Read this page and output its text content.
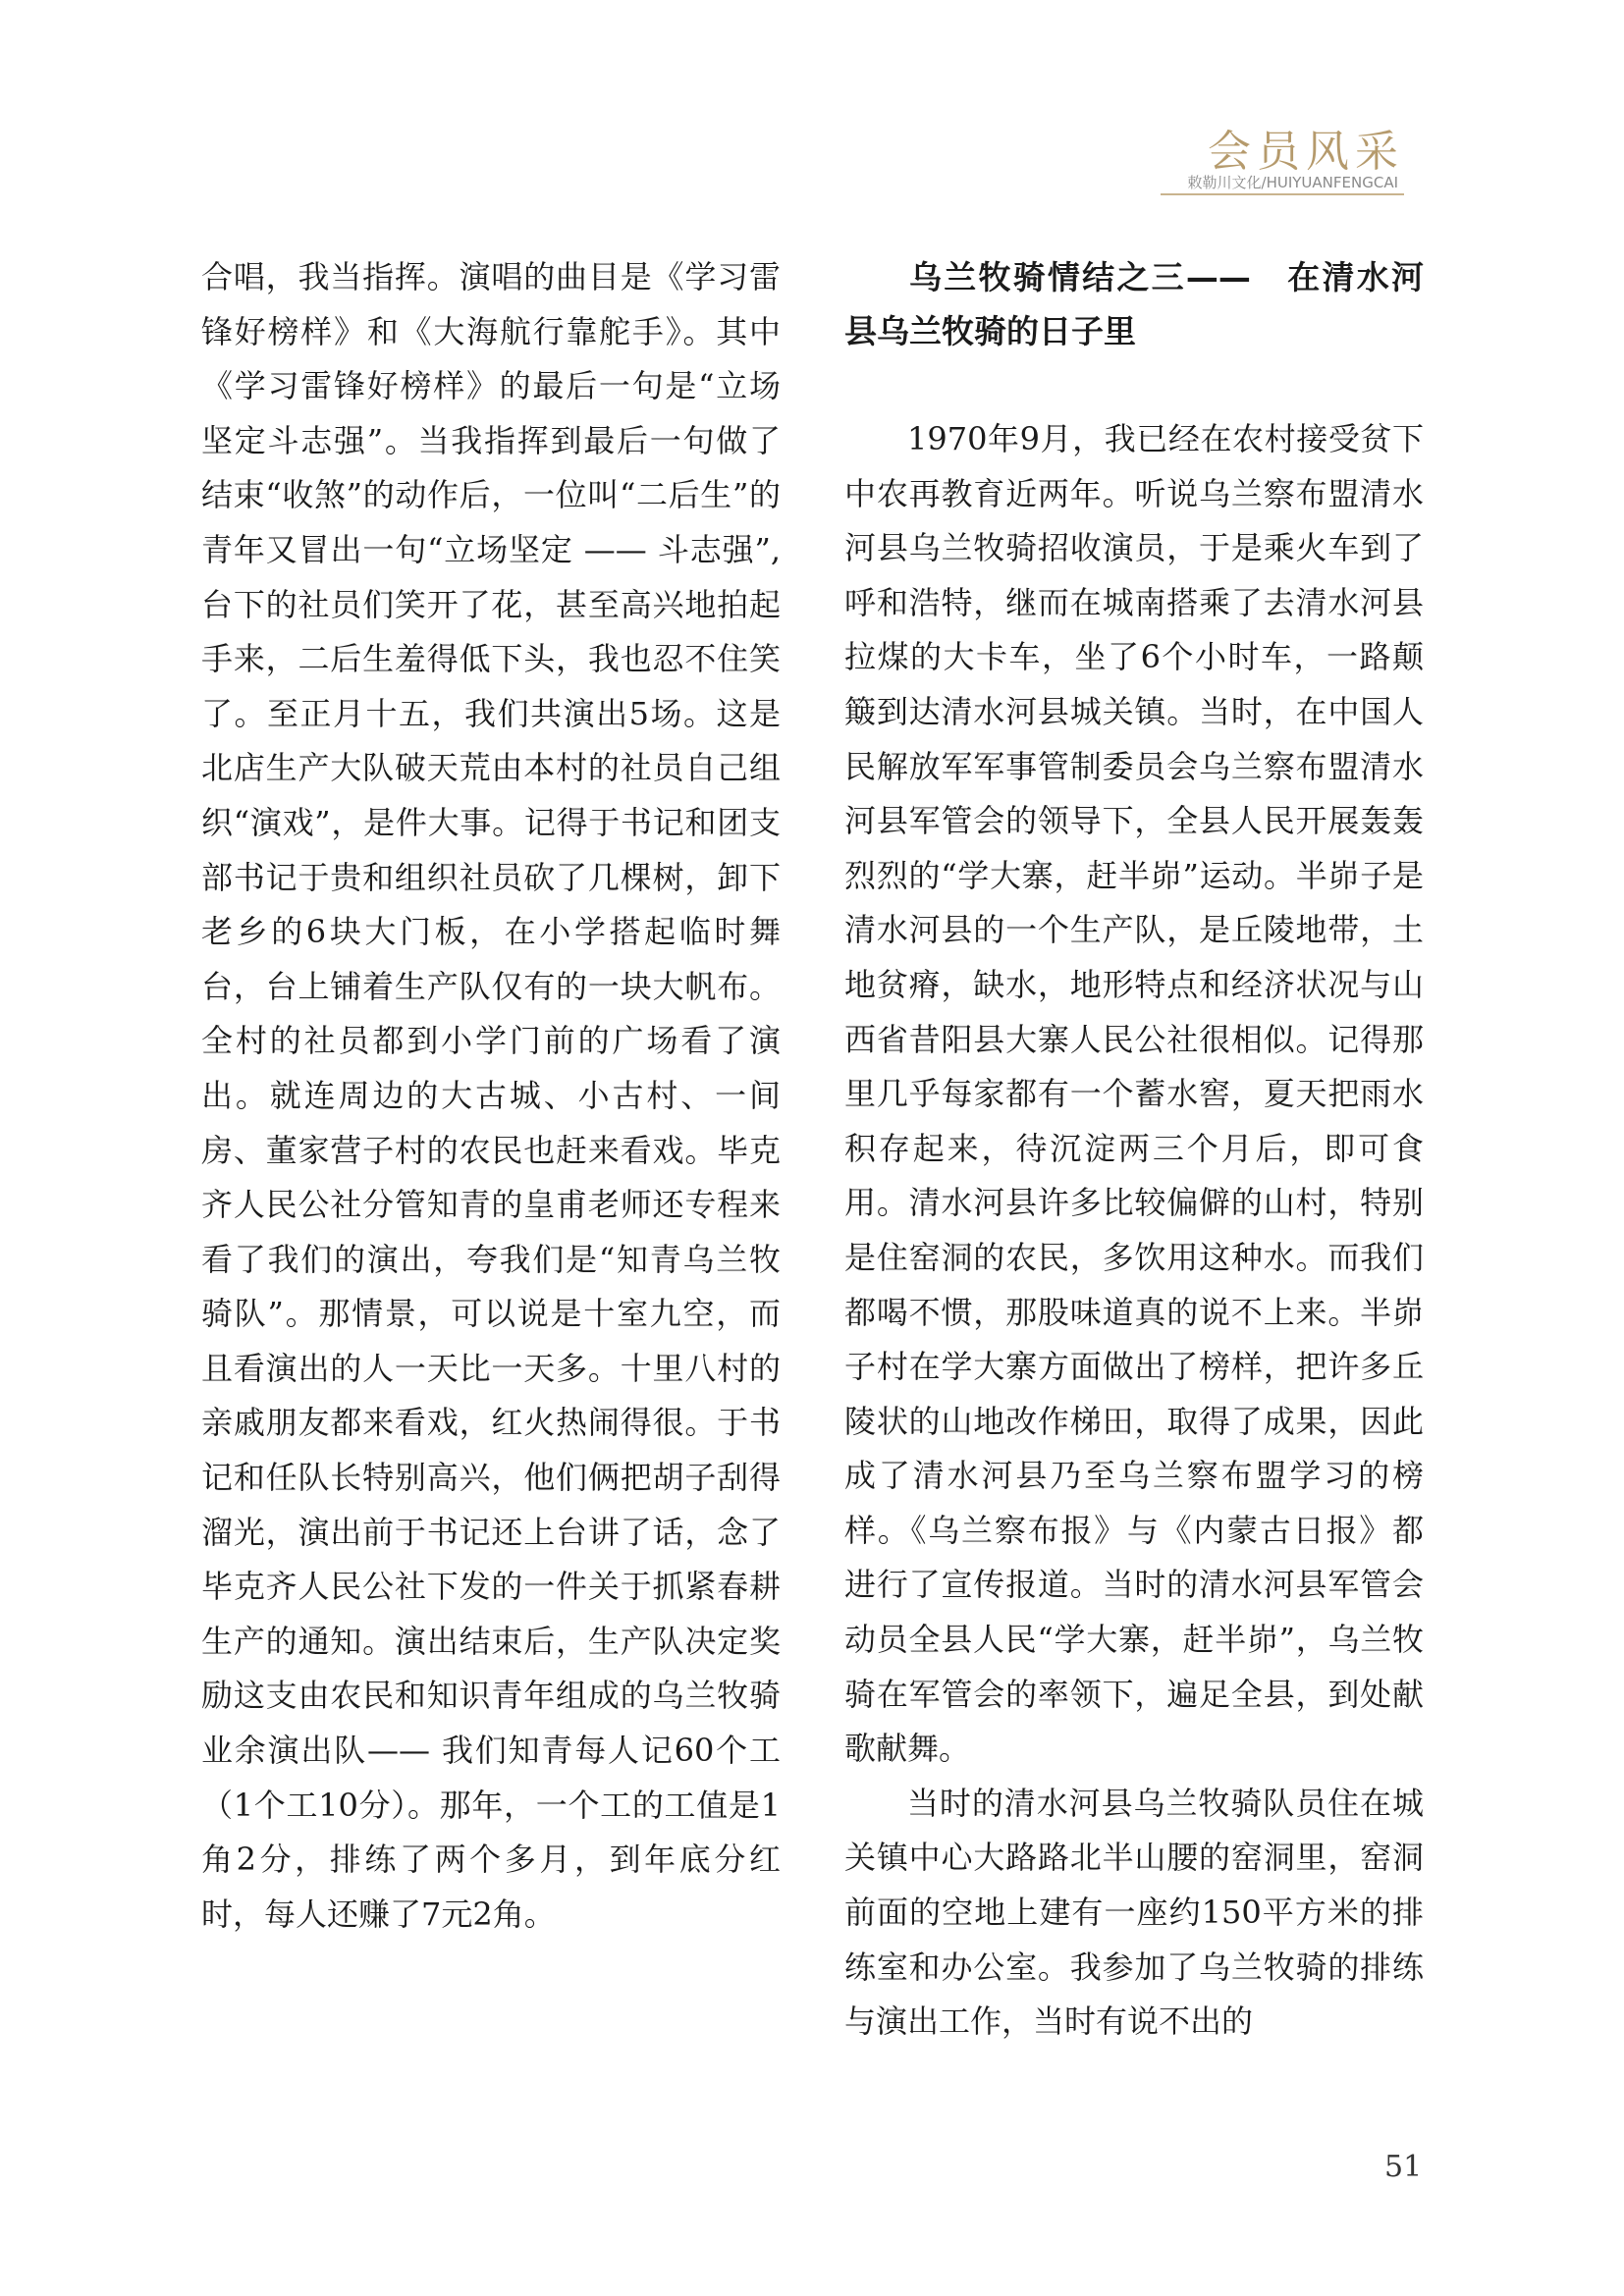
会员风采
敕勒川文化/HUIYUANFENGCAI

合唱，我当指挥。演唱的曲目是《学习雷锋好榜样》和《大海航行靠舵手》。其中《学习雷锋好榜样》的最后一句是“立场坚定斗志强”。当我指挥到最后一句做了结束“收煞”的动作后，一位叫“二后生”的青年又冒出一句“立场坚定 —— 斗志强”,台下的社员们笑开了花，甚至高兴地拍起手来，二后生羞得低下头，我也忍不住笑了。至正月十五，我们共演出5场。这是北店生产大队破天荒由本村的社员自己组织“演戏”，是件大事。记得于书记和团支部书记于贵和组织社员砍了几棵树，卸下老乡的6块大门板，在小学搭起临时舞台，台上铺着生产队仅有的一块大帆布。全村的社员都到小学门前的广场看了演出。就连周边的大古城、小古村、一间房、董家营子村的农民也赶来看戏。毕克齐人民公社分管知青的皇甫老师还专程来看了我们的演出，夸我们是“知青乌兰牧骑队”。那情景，可以说是十室九空，而且看演出的人一天比一天多。十里八村的亲戚朋友都来看戏，红火热闹得很。于书记和任队长特别高兴，他们俩把胡子刮得溜光，演出前于书记还上台讲了话，念了毕克齐人民公社下发的一件关于抓紧春耕生产的通知。演出结束后，生产队决定奖励这支由农民和知识青年组成的乌兰牧骑业余演出队—— 我们知青每人记60个工（1个工10分）。那年，一个工的工值是1角2分，排练了两个多月，到年底分红时，每人还赚了7元2角。

乌兰牧骑情结之三——　在清水河县乌兰牧骑的日子里

1970年9月，我已经在农村接受贫下中农再教育近两年。听说乌兰察布盟清水河县乌兰牧骑招收演员，于是乘火车到了呼和浩特，继而在城南搭乘了去清水河县拉煤的大卡车，坐了6个小时车，一路颠簸到达清水河县城关镇。当时，在中国人民解放军军事管制委员会乌兰察布盟清水河县军管会的领导下，全县人民开展轰轰烈烈的“学大寨，赶半峁”运动。半峁子是清水河县的一个生产队，是丘陵地带，土地贫瘠，缺水，地形特点和经济状况与山西省昔阳县大寨人民公社很相似。记得那里几乎每家都有一个蓄水窖，夏天把雨水积存起来，待沉淀两三个月后，即可食用。清水河县许多比较偏僻的山村，特别是住窑洞的农民，多饮用这种水。而我们都喝不惯，那股味道真的说不上来。半峁子村在学大寨方面做出了榜样，把许多丘陵状的山地改作梯田，取得了成果，因此成了清水河县乃至乌兰察布盟学习的榜样。《乌兰察布报》与《内蒙古日报》都进行了宣传报道。当时的清水河县军管会动员全县人民“学大寨，赶半峁”，乌兰牧骑在军管会的率领下，遍足全县，到处献歌献舞。

当时的清水河县乌兰牧骑队员住在城关镇中心大路路北半山腰的窑洞里，窑洞前面的空地上建有一座约150平方米的排练室和办公室。我参加了乌兰牧骑的排练与演出工作，当时有说不出的

51
